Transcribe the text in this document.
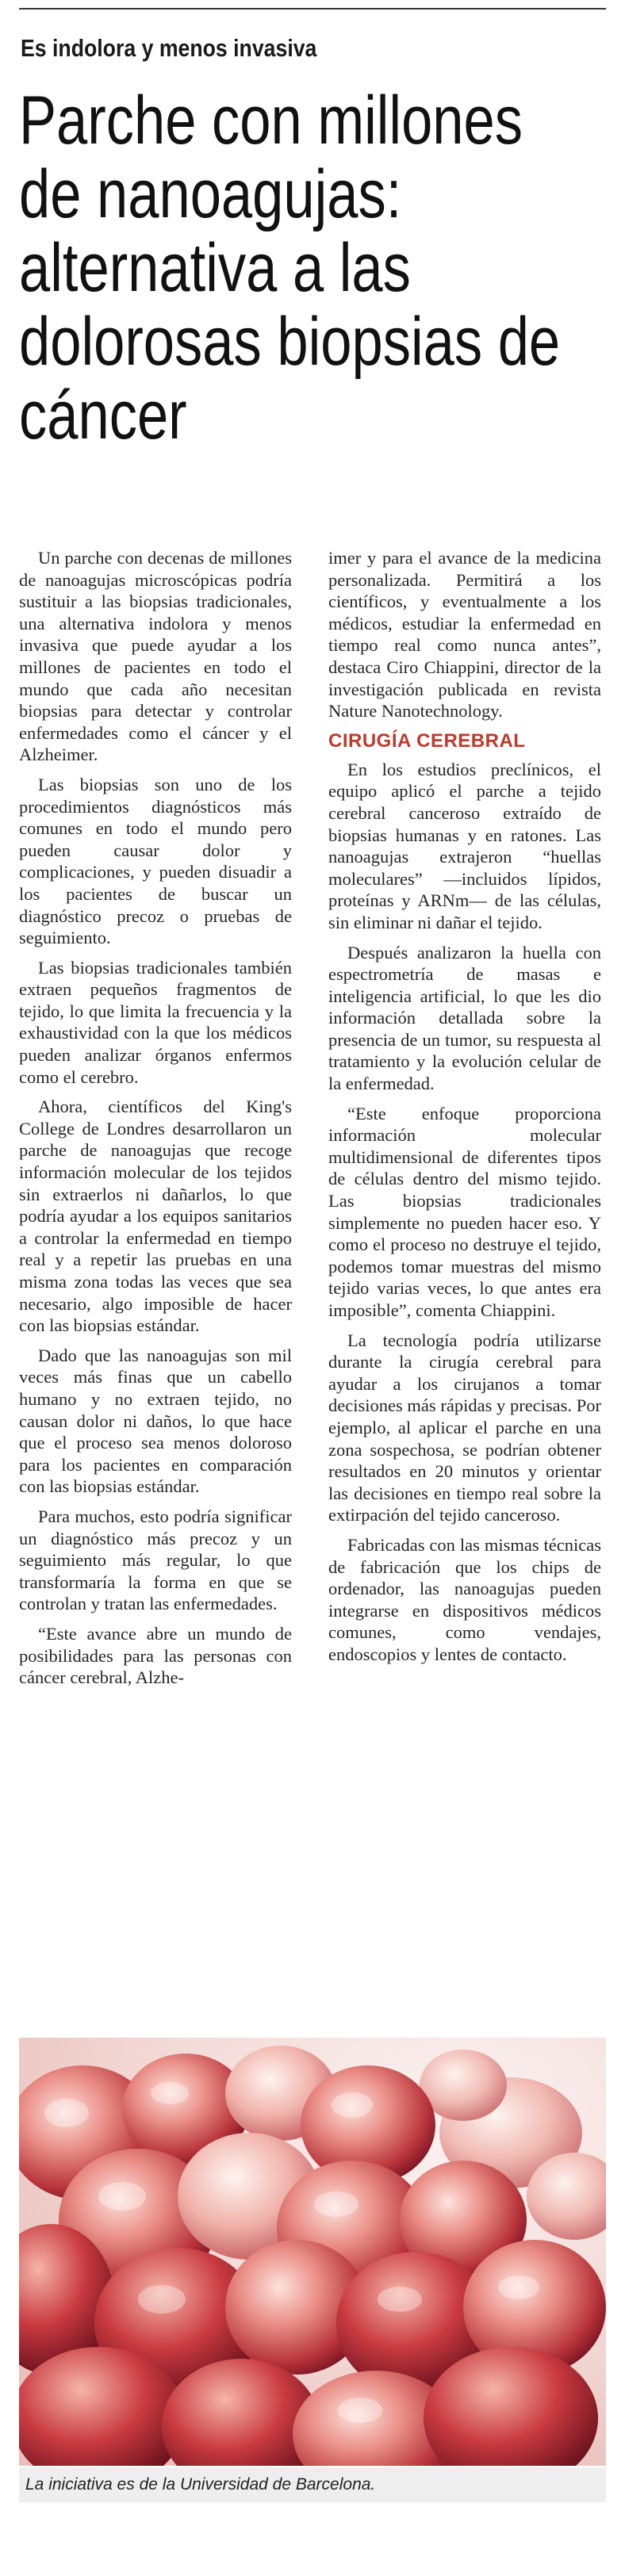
Es indolora y menos invasiva
Parche con millones de nanoagujas: alternativa a las dolorosas biopsias de cáncer

Un parche con decenas de millones de nanoagujas microscópicas podría sustituir a las biopsias tradicionales, una alternativa indolora y menos invasiva que puede ayudar a los millones de pacientes en todo el mundo que cada año necesitan biopsias para detectar y controlar enfermedades como el cáncer y el Alzheimer.

Las biopsias son uno de los procedimientos diagnósticos más comunes en todo el mundo pero pueden causar dolor y complicaciones, y pueden disuadir a los pacientes de buscar un diagnóstico precoz o pruebas de seguimiento.

Las biopsias tradicionales también extraen pequeños fragmentos de tejido, lo que limita la frecuencia y la exhaustividad con la que los médicos pueden analizar órganos enfermos como el cerebro.

Ahora, científicos del King's College de Londres desarrollaron un parche de nanoagujas que recoge información molecular de los tejidos sin extraerlos ni dañarlos, lo que podría ayudar a los equipos sanitarios a controlar la enfermedad en tiempo real y a repetir las pruebas en una misma zona todas las veces que sea necesario, algo imposible de hacer con las biopsias estándar.

Dado que las nanoagujas son mil veces más finas que un cabello humano y no extraen tejido, no causan dolor ni daños, lo que hace que el proceso sea menos doloroso para los pacientes en comparación con las biopsias estándar.

Para muchos, esto podría significar un diagnóstico más precoz y un seguimiento más regular, lo que transformaría la forma en que se controlan y tratan las enfermedades.

“Este avance abre un mundo de posibilidades para las personas con cáncer cerebral, Alzhe-

imer y para el avance de la medicina personalizada. Permitirá a los científicos, y eventualmente a los médicos, estudiar la enfermedad en tiempo real como nunca antes”, destaca Ciro Chiappini, director de la investigación publicada en revista Nature Nanotechnology.

CIRUGÍA CEREBRAL

En los estudios preclínicos, el equipo aplicó el parche a tejido cerebral canceroso extraído de biopsias humanas y en ratones. Las nanoagujas extrajeron “huellas moleculares” —incluidos lípidos, proteínas y ARNm— de las células, sin eliminar ni dañar el tejido.

Después analizaron la huella con espectrometría de masas e inteligencia artificial, lo que les dio información detallada sobre la presencia de un tumor, su respuesta al tratamiento y la evolución celular de la enfermedad.

“Este enfoque proporciona información molecular multidimensional de diferentes tipos de células dentro del mismo tejido. Las biopsias tradicionales simplemente no pueden hacer eso. Y como el proceso no destruye el tejido, podemos tomar muestras del mismo tejido varias veces, lo que antes era imposible”, comenta Chiappini.

La tecnología podría utilizarse durante la cirugía cerebral para ayudar a los cirujanos a tomar decisiones más rápidas y precisas. Por ejemplo, al aplicar el parche en una zona sospechosa, se podrían obtener resultados en 20 minutos y orientar las decisiones en tiempo real sobre la extirpación del tejido canceroso.

Fabricadas con las mismas técnicas de fabricación que los chips de ordenador, las nanoagujas pueden integrarse en dispositivos médicos comunes, como vendajes, endoscopios y lentes de contacto.

La iniciativa es de la Universidad de Barcelona.
